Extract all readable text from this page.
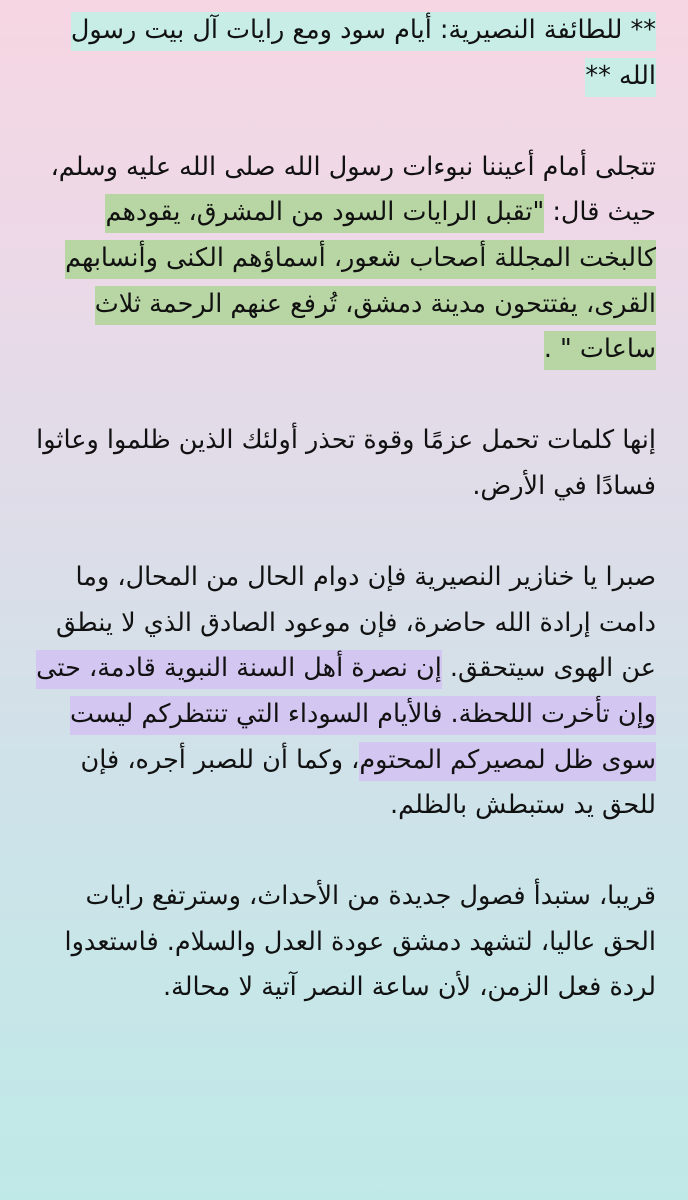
** للطائفة النصيرية: أيام سود ومع رايات آل بيت رسول الله **

تتجلى أمام أعيننا نبوءات رسول الله صلى الله عليه وسلم، حيث قال: "تقبل الرايات السود من المشرق، يقودهم كالبخت المجللة أصحاب شعور، أسماؤهم الكنى وأنسابهم القرى، يفتتحون مدينة دمشق، تُرفع عنهم الرحمة ثلاث ساعات " .

إنها كلمات تحمل عزمًا وقوة تحذر أولئك الذين ظلموا وعاثوا فسادًا في الأرض.

صبرا يا خنازير النصيرية فإن دوام الحال من المحال، وما دامت إرادة الله حاضرة، فإن موعود الصادق الذي لا ينطق عن الهوى سيتحقق. إن نصرة أهل السنة النبوية قادمة، حتى وإن تأخرت اللحظة. فالأيام السوداء التي تنتظركم ليست سوى ظل لمصيركم المحتوم، وكما أن للصبر أجره، فإن للحق يد ستبطش بالظلم.

قريبا، ستبدأ فصول جديدة من الأحداث، وسترتفع رايات الحق عاليا، لتشهد دمشق عودة العدل والسلام. فاستعدوا لردة فعل الزمن، لأن ساعة النصر آتية لا محالة.
